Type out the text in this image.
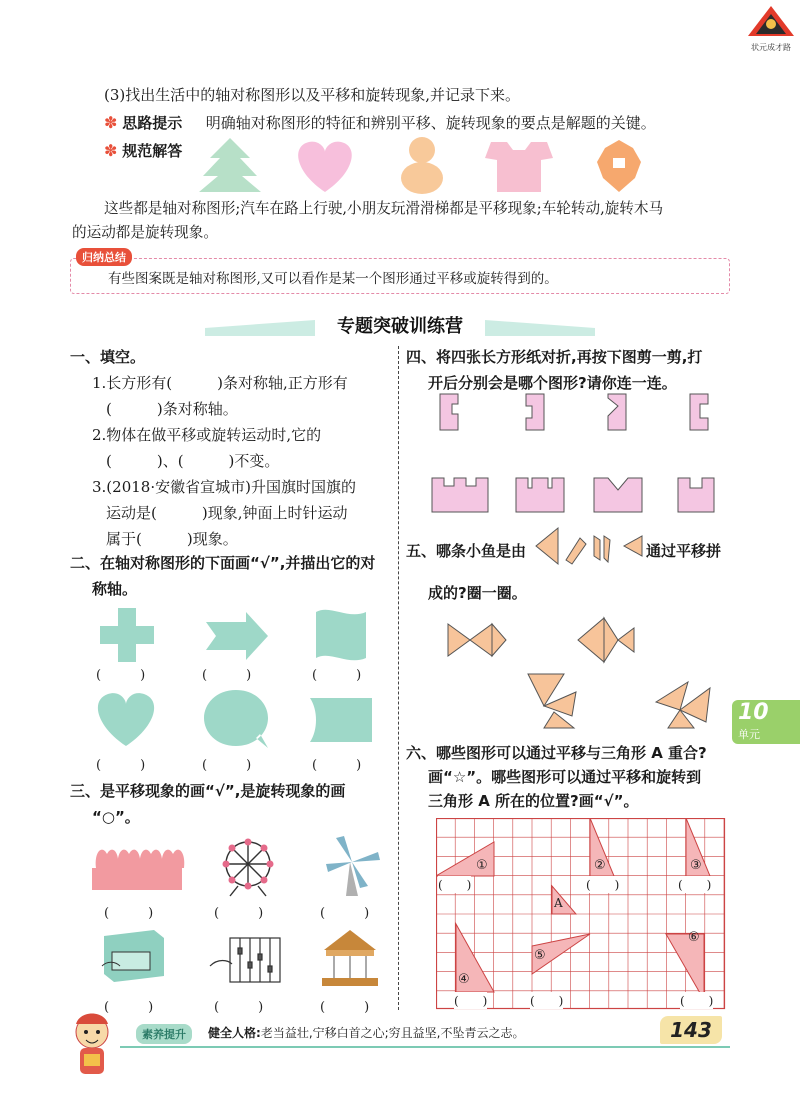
状元成才路
(3)找出生活中的轴对称图形以及平移和旋转现象,并记录下来。
✽ 思路提示 明确轴对称图形的特征和辨别平移、旋转现象的要点是解题的关键。
✽ 规范解答
这些都是轴对称图形;汽车在路上行驶,小朋友玩滑滑梯都是平移现象;车轮转动,旋转木马
的运动都是旋转现象。
归纳总结
有些图案既是轴对称图形,又可以看作是某一个图形通过平移或旋转得到的。
专题突破训练营
一、填空。
1.长方形有(　　　)条对称轴,正方形有
(　　　)条对称轴。
2.物体在做平移或旋转运动时,它的
(　　　)、(　　　)不变。
3.(2018·安徽省宣城市)升国旗时国旗的
运动是(　　　)现象,钟面上时针运动
属于(　　　)现象。
二、在轴对称图形的下面画“√”,并描出它的对
称轴。
(　　　)	(　　　)	(　　　)
(　　　)	(　　　)	(　　　)
三、是平移现象的画“√”,是旋转现象的画
“○”。
(　　　)	(　　　)	(　　　)
(　　　)	(　　　)	(　　　)
四、将四张长方形纸对折,再按下图剪一剪,打
开后分别会是哪个图形?请你连一连。
五、哪条小鱼是由	通过平移拼
成的?圈一圈。
六、哪些图形可以通过平移与三角形 A 重合?
画“☆”。哪些图形可以通过平移和旋转到
三角形 A 所在的位置?画“√”。
①	②	③
A
④
⑤
⑥
(　　)	(　　)	(　　)
(　　)	(　　)	(　　)
10
单元
素养提升	健全人格:老当益壮,宁移白首之心;穷且益坚,不坠青云之志。	143
